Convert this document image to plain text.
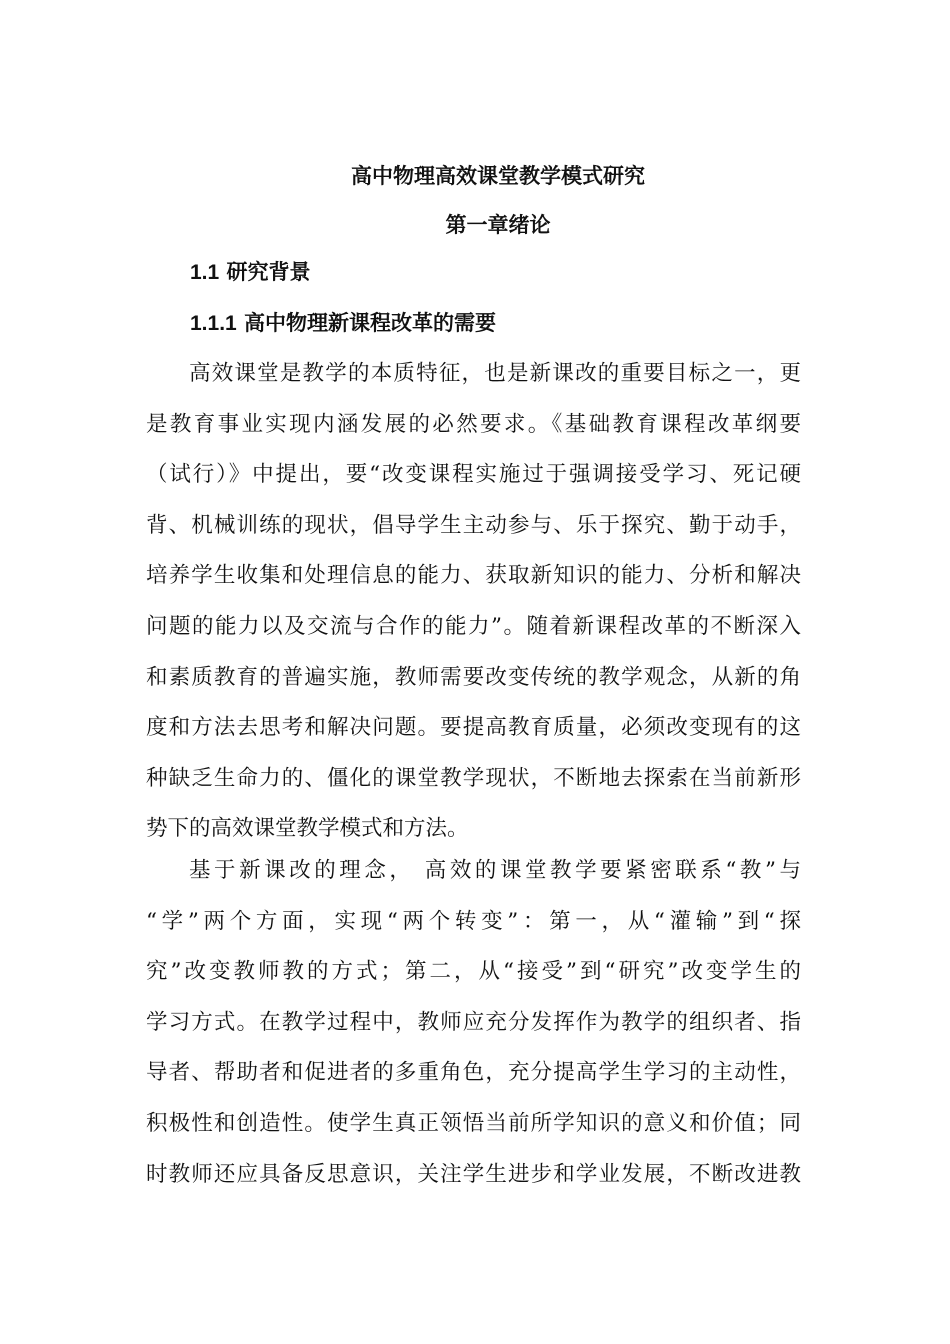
高中物理高效课堂教学模式研究
第一章绪论
1.1 研究背景
1.1.1 高中物理新课程改革的需要

高效课堂是教学的本质特征，也是新课改的重要目标之一，更
是教育事业实现内涵发展的必然要求。《基础教育课程改革纲要
（试行）》中提出，要“改变课程实施过于强调接受学习、死记硬
背、机械训练的现状，倡导学生主动参与、乐于探究、勤于动手，
培养学生收集和处理信息的能力、获取新知识的能力、分析和解决
问题的能力以及交流与合作的能力”。随着新课程改革的不断深入
和素质教育的普遍实施，教师需要改变传统的教学观念，从新的角
度和方法去思考和解决问题。要提高教育质量，必须改变现有的这
种缺乏生命力的、僵化的课堂教学现状，不断地去探索在当前新形
势下的高效课堂教学模式和方法。

基于新课改的理念， 高效的课堂教学要紧密联系“教”与
“学”两个方面，实现“两个转变”：第一，从“灌输”到“探
究”改变教师教的方式；第二，从“接受”到“研究”改变学生的
学习方式。在教学过程中，教师应充分发挥作为教学的组织者、指
导者、帮助者和促进者的多重角色，充分提高学生学习的主动性，
积极性和创造性。使学生真正领悟当前所学知识的意义和价值；同
时教师还应具备反思意识，关注学生进步和学业发展，不断改进教
